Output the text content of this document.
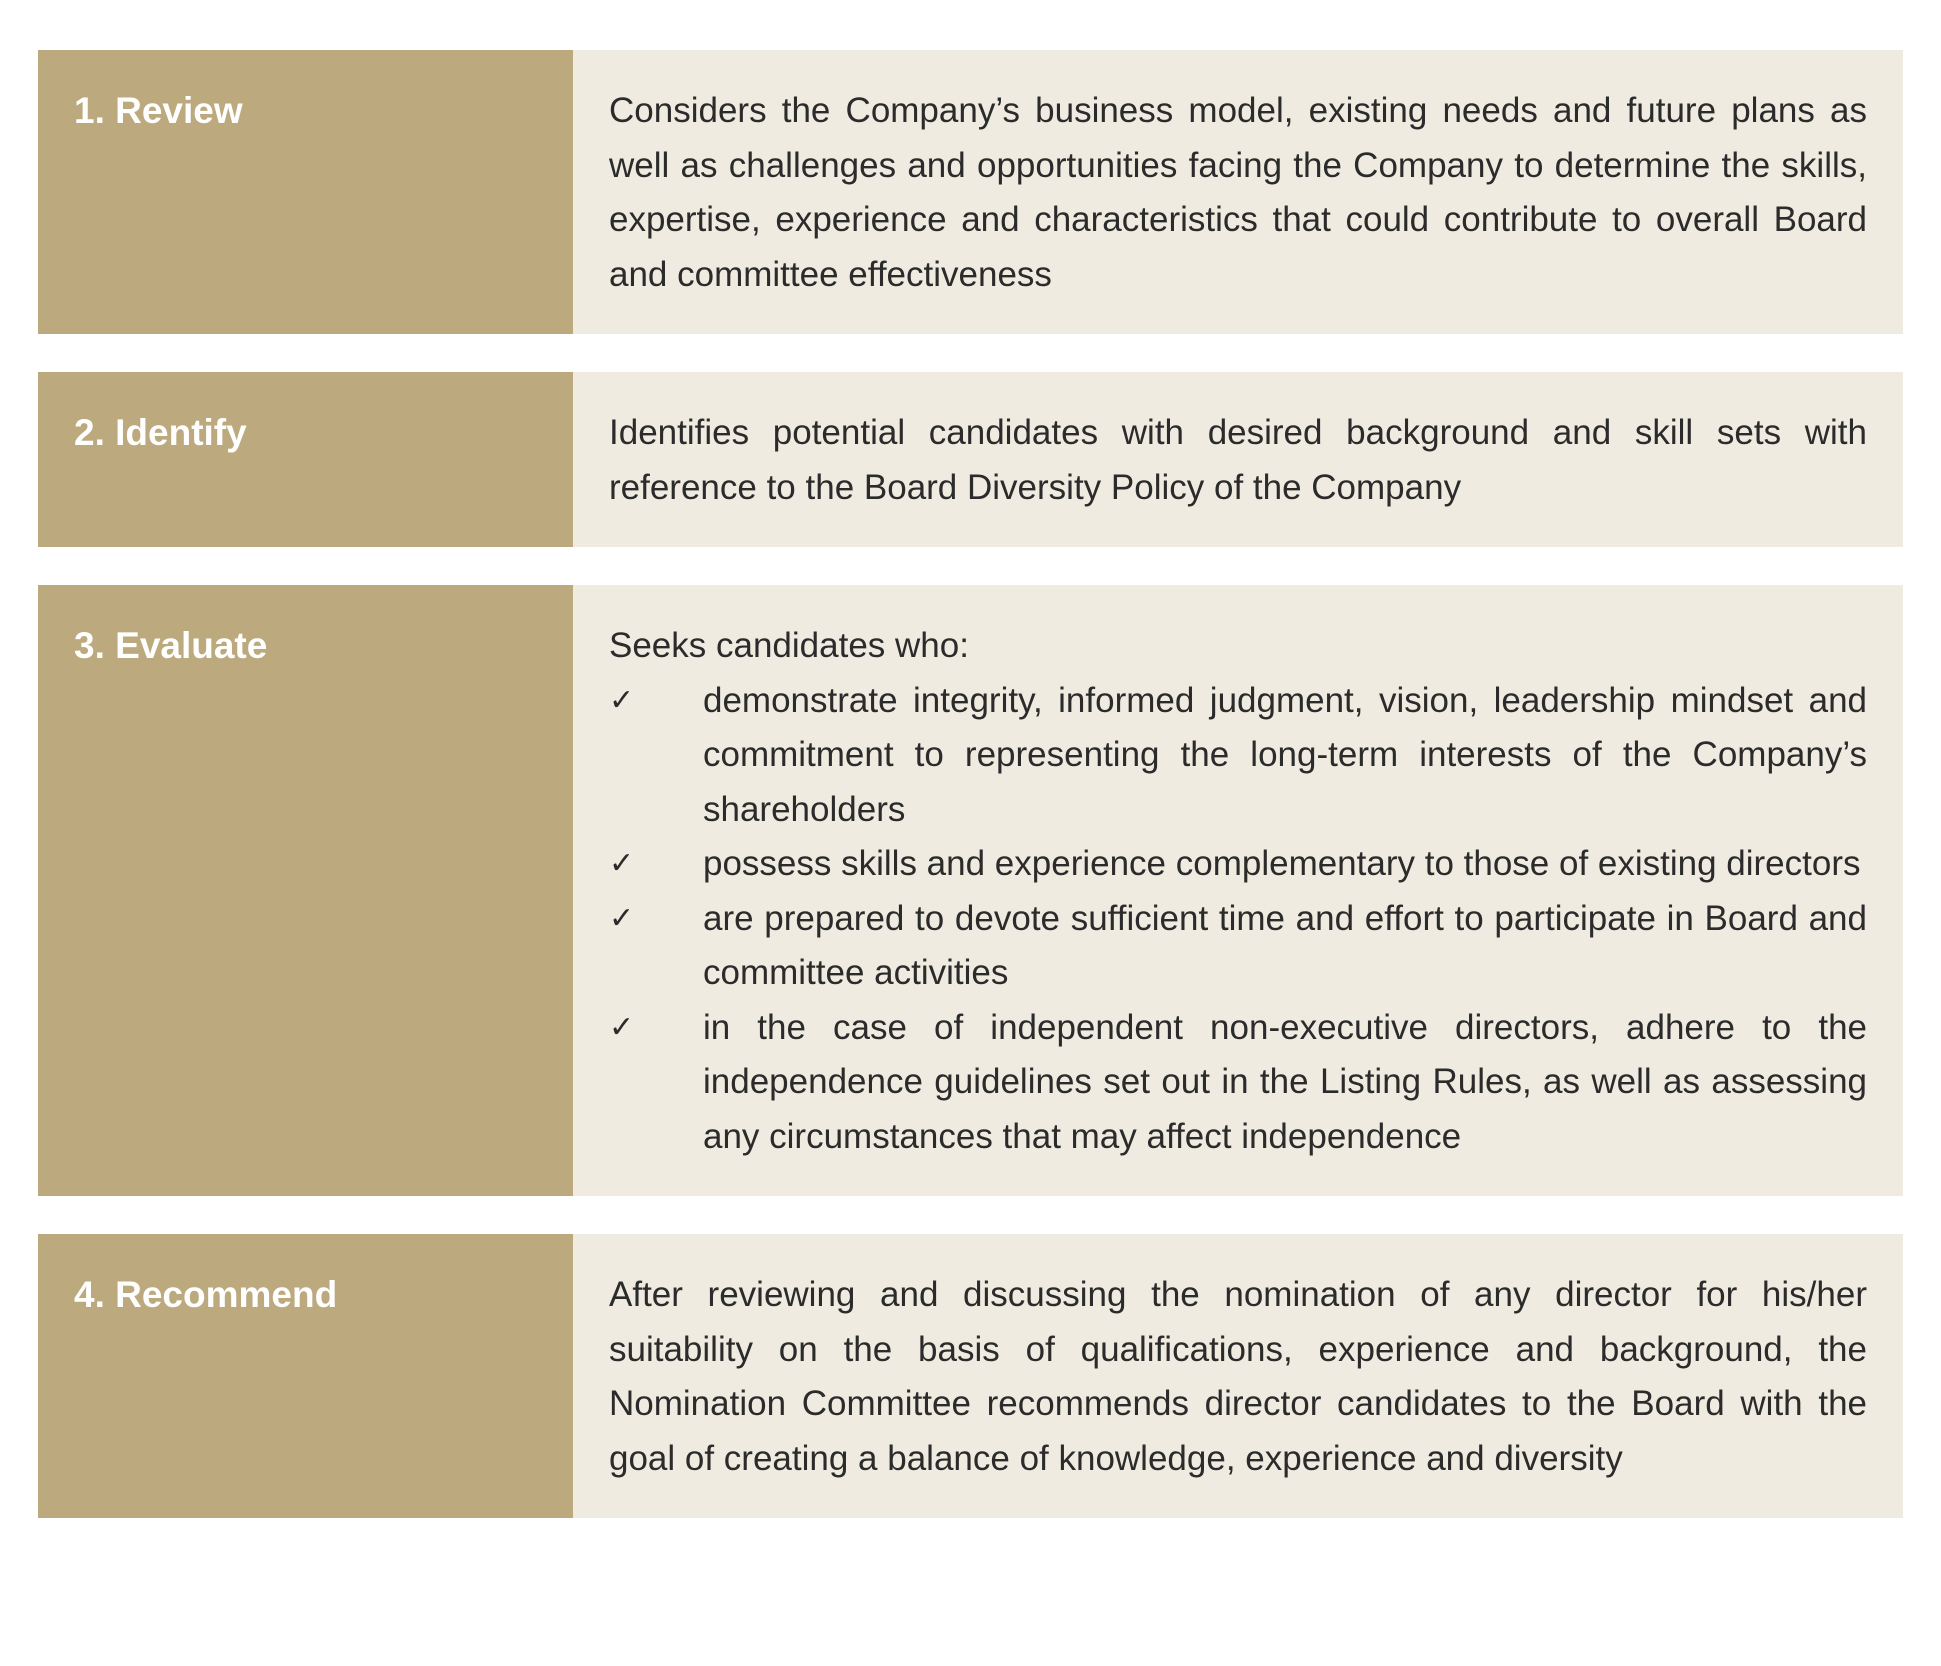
1. Review	Considers the Company’s business model, existing needs and future plans as well as challenges and opportunities facing the Company to determine the skills, expertise, experience and characteristics that could contribute to overall Board and committee effectiveness

2. Identify	Identifies potential candidates with desired background and skill sets with reference to the Board Diversity Policy of the Company

3. Evaluate	Seeks candidates who:

✓	demonstrate integrity, informed judgment, vision, leadership mindset and commitment to representing the long-term interests of the Company’s shareholders
✓	possess skills and experience complementary to those of existing directors
✓	are prepared to devote sufficient time and effort to participate in Board and committee activities
✓	in the case of independent non-executive directors, adhere to the independence guidelines set out in the Listing Rules, as well as assessing any circumstances that may affect independence
4. Recommend	After reviewing and discussing the nomination of any director for his/her suitability on the basis of qualifications, experience and background, the Nomination Committee recommends director candidates to the Board with the goal of creating a balance of knowledge, experience and diversity
